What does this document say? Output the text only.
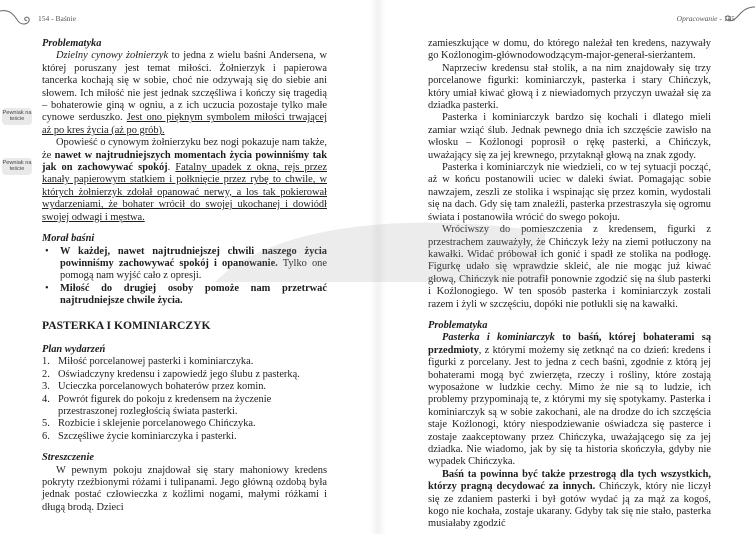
154 - Baśnie
Pewniak na teście
Pewniak na teście

Problematyka

Dzielny cynowy żołnierzyk to jedna z wielu baśni Andersena, w której poruszany jest temat miłości. Żołnierzyk i papierowa tancerka kochają się w sobie, choć nie odzywają się do siebie ani słowem. Ich miłość nie jest jednak szczęśliwa i kończy się tragedią – bohaterowie giną w ogniu, a z ich uczucia pozostaje tylko małe cynowe serduszko. Jest ono pięknym symbolem miłości trwającej aż po kres życia (aż po grób).

Opowieść o cynowym żołnierzyku bez nogi pokazuje nam także, że nawet w najtrudniejszych momentach życia powinniśmy tak jak on zachowywać spokój. Fatalny upadek z okna, rejs przez kanały papierowym statkiem i połknięcie przez rybę to chwile, w których żołnierzyk zdołał opanować nerwy, a los tak pokierował wydarzeniami, że bohater wrócił do swojej ukochanej i dowiódł swojej odwagi i męstwa.

Morał baśni

• W każdej, nawet najtrudniejszej chwili naszego życia powinniśmy zachowywać spokój i opanowanie. Tylko one pomogą nam wyjść cało z opresji.
• Miłość do drugiej osoby pomoże nam przetrwać najtrudniejsze chwile życia.

PASTERKA I KOMINIARCZYK

Plan wydarzeń

1. Miłość porcelanowej pasterki i kominiarczyka.
2. Oświadczyny kredensu i zapowiedź jego ślubu z pasterką.
3. Ucieczka porcelanowych bohaterów przez komin.
4. Powrót figurek do pokoju z kredensem na życzenie przestraszonej rozległością świata pasterki.
5. Rozbicie i sklejenie porcelanowego Chińczyka.
6. Szczęśliwe życie kominiarczyka i pasterki.

Streszczenie

W pewnym pokoju znajdował się stary mahoniowy kredens pokryty rzeźbionymi różami i tulipanami. Jego główną ozdobą była jednak postać człowieczka z koźlimi nogami, małymi różkami i długą brodą. Dzieci

Opracowanie - 155

zamieszkujące w domu, do którego należał ten kredens, nazywały go Koźlonogim-głównodowodzącym-major-generał-sierżantem.

Naprzeciw kredensu stał stolik, a na nim znajdowały się trzy porcelanowe figurki: kominiarczyk, pasterka i stary Chińczyk, który umiał kiwać głową i z niewiadomych przyczyn uważał się za dziadka pasterki.

Pasterka i kominiarczyk bardzo się kochali i dlatego mieli zamiar wziąć ślub. Jednak pewnego dnia ich szczęście zawisło na włosku – Koźlonogi poprosił o rękę pasterki, a Chińczyk, uważający się za jej krewnego, przytaknął głową na znak zgody.

Pasterka i kominiarczyk nie wiedzieli, co w tej sytuacji począć, aż w końcu postanowili uciec w daleki świat. Pomagając sobie nawzajem, zeszli ze stolika i wspinając się przez komin, wydostali się na dach. Gdy się tam znaleźli, pasterka przestraszyła się ogromu świata i postanowiła wrócić do swego pokoju.

Wróciwszy do pomieszczenia z kredensem, figurki z przestrachem zauważyły, że Chińczyk leży na ziemi potłuczony na kawałki. Widać próbował ich gonić i spadł ze stolika na podłogę. Figurkę udało się wprawdzie skleić, ale nie mogąc już kiwać głową, Chińczyk nie potrafił ponownie zgodzić się na ślub pasterki i Koźlonogiego. W ten sposób pasterka i kominiarczyk zostali razem i żyli w szczęściu, dopóki nie potłukli się na kawałki.

Problematyka

Pasterka i kominiarczyk to baśń, której bohaterami są przedmioty, z którymi możemy się zetknąć na co dzień: kredens i figurki z porcelany. Jest to jedna z cech baśni, zgodnie z którą jej bohaterami mogą być zwierzęta, rzeczy i rośliny, które zostają wyposażone w ludzkie cechy. Mimo że nie są to ludzie, ich problemy przypominają te, z którymi my się spotykamy. Pasterka i kominiarczyk są w sobie zakochani, ale na drodze do ich szczęścia staje Koźlonogi, który niespodziewanie oświadcza się pasterce i zostaje zaakceptowany przez Chińczyka, uważającego się za jej dziadka. Nie wiadomo, jak by się ta historia skończyła, gdyby nie wypadek Chińczyka.

Baśń ta powinna być także przestrogą dla tych wszystkich, którzy pragną decydować za innych. Chińczyk, który nie liczył się ze zdaniem pasterki i był gotów wydać ją za mąż za kogoś, kogo nie kochała, zostaje ukarany. Gdyby tak się nie stało, pasterka musiałaby zgodzić
